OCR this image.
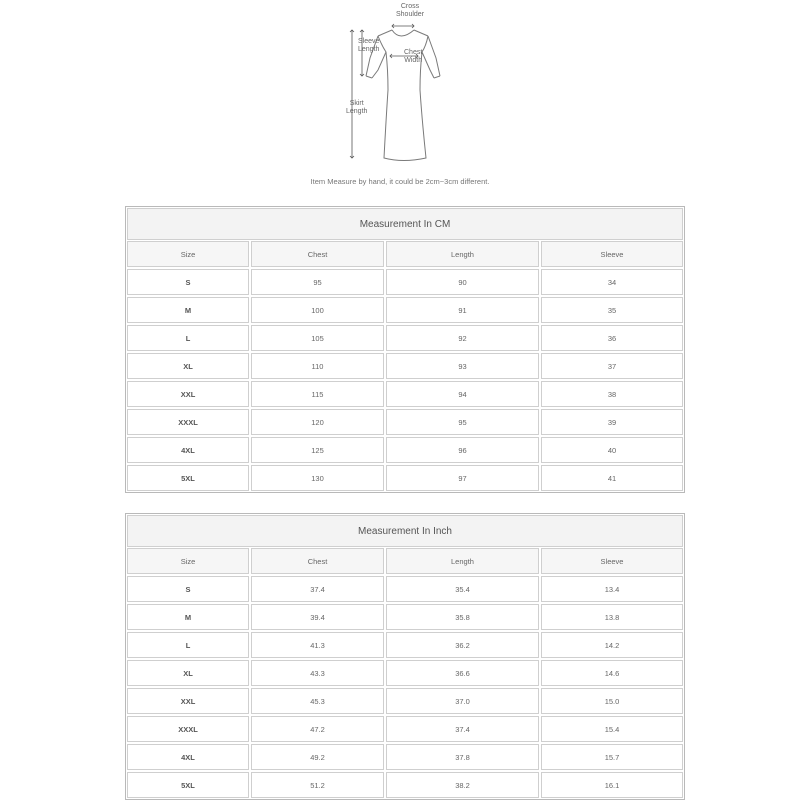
Cross
Shoulder
Sleeve
Length	Chest
Width
Skirt
Length
Item Measure by hand, it could be 2cm~3cm different.
Measurement In CM
Size	Chest	Length	Sleeve
S	95	90	34
M	100	91	35
L	105	92	36
XL	110	93	37
XXL	115	94	38
XXXL	120	95	39
4XL	125	96	40
5XL	130	97	41
Measurement In Inch
Size	Chest	Length	Sleeve
S	37.4	35.4	13.4
M	39.4	35.8	13.8
L	41.3	36.2	14.2
XL	43.3	36.6	14.6
XXL	45.3	37.0	15.0
XXXL	47.2	37.4	15.4
4XL	49.2	37.8	15.7
5XL	51.2	38.2	16.1
